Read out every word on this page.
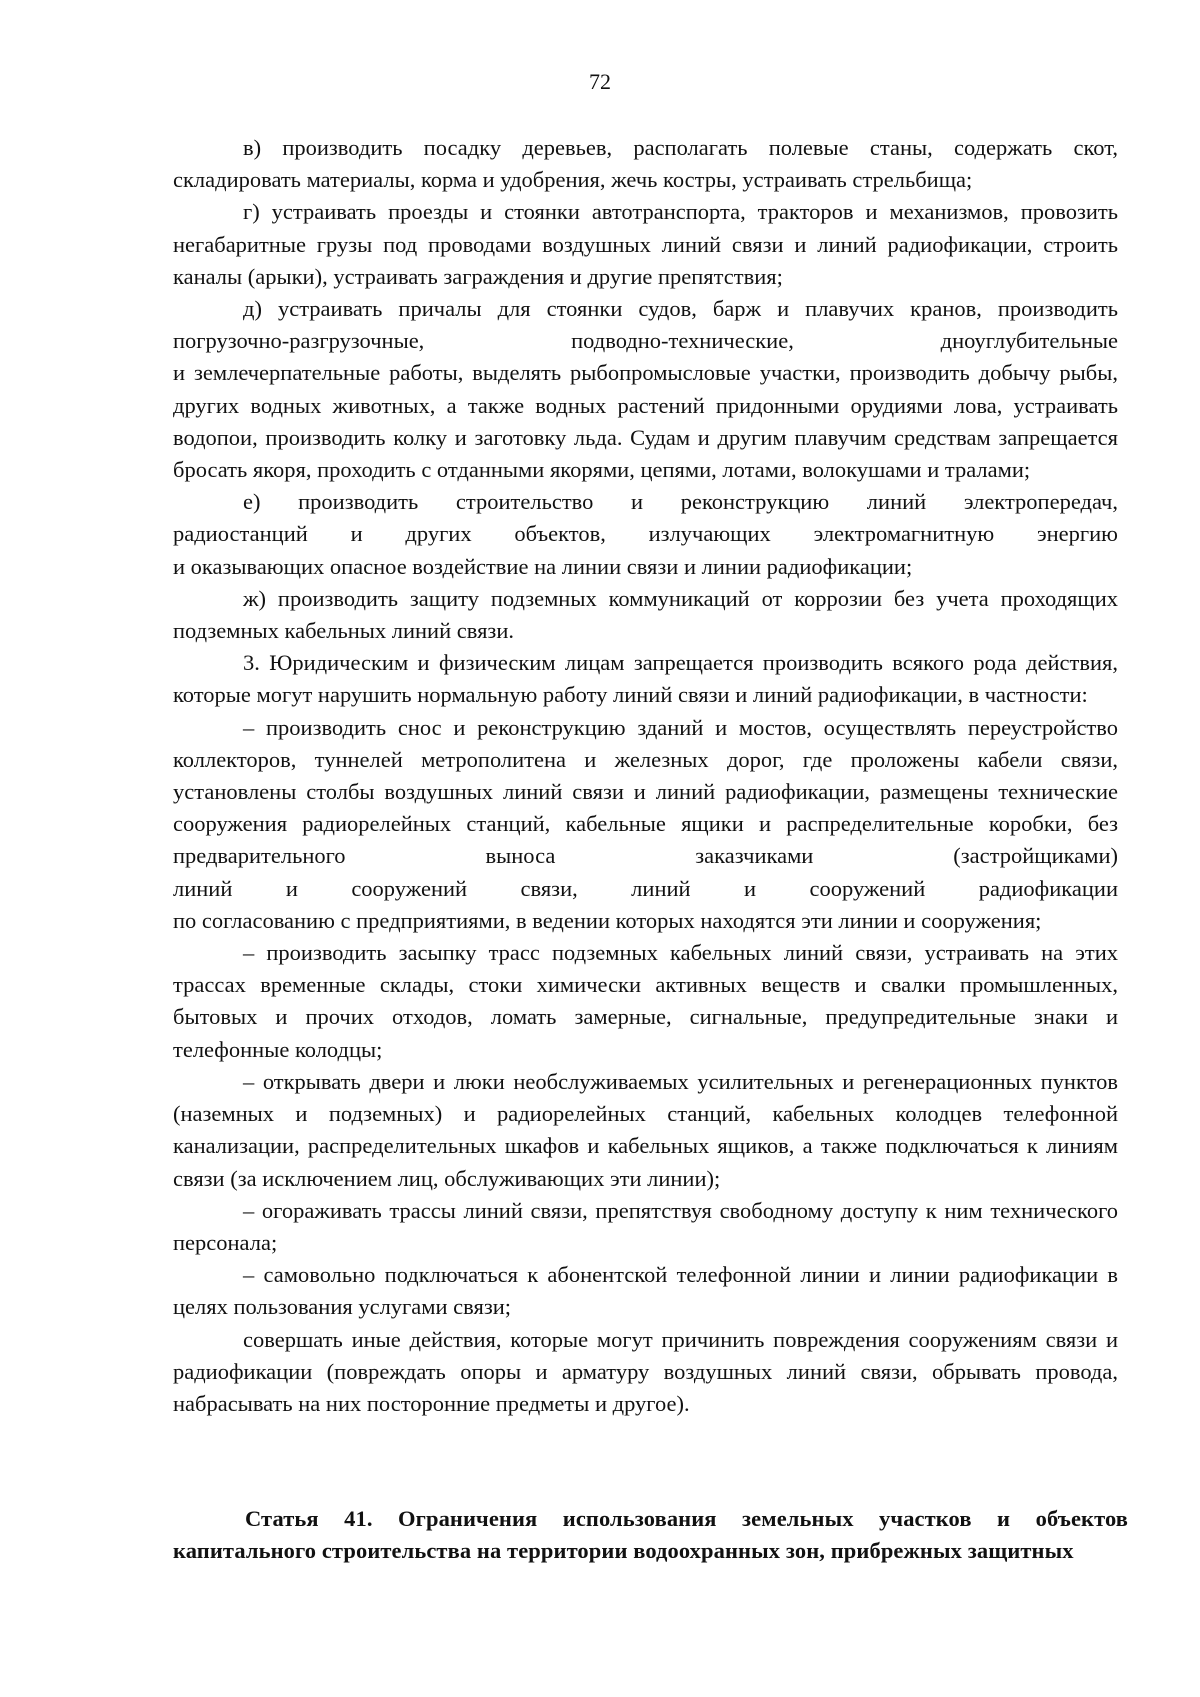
72

в) производить посадку деревьев, располагать полевые станы, содержать скот, складировать материалы, корма и удобрения, жечь костры, устраивать стрельбища;

г) устраивать проезды и стоянки автотранспорта, тракторов и механизмов, провозить негабаритные грузы под проводами воздушных линий связи и линий радиофикации, строить каналы (арыки), устраивать заграждения и другие препятствия;

д) устраивать причалы для стоянки судов, барж и плавучих кранов, производить

погрузочно-разгрузочные, подводно-технические, дноуглубительные

и землечерпательные работы, выделять рыбопромысловые участки, производить добычу рыбы, других водных животных, а также водных растений придонными орудиями лова, устраивать водопои, производить колку и заготовку льда. Судам и другим плавучим средствам запрещается бросать якоря, проходить с отданными якорями, цепями, лотами, волокушами и тралами;

е) производить строительство и реконструкцию линий электропередач,

радиостанций и других объектов, излучающих электромагнитную энергию

и оказывающих опасное воздействие на линии связи и линии радиофикации;

ж) производить защиту подземных коммуникаций от коррозии без учета проходящих подземных кабельных линий связи.

3. Юридическим и физическим лицам запрещается производить всякого рода действия, которые могут нарушить нормальную работу линий связи и линий радиофикации, в частности:

– производить снос и реконструкцию зданий и мостов, осуществлять переустройство коллекторов, туннелей метрополитена и железных дорог, где проложены кабели связи, установлены столбы воздушных линий связи и линий радиофикации, размещены технические сооружения радиорелейных станций, кабельные ящики и распределительные коробки, без предварительного выноса заказчиками (застройщиками)

линий и сооружений связи, линий и сооружений радиофикации

по согласованию с предприятиями, в ведении которых находятся эти линии и сооружения;

– производить засыпку трасс подземных кабельных линий связи, устраивать на этих трассах временные склады, стоки химически активных веществ и свалки промышленных, бытовых и прочих отходов, ломать замерные, сигнальные, предупредительные знаки и телефонные колодцы;

– открывать двери и люки необслуживаемых усилительных и регенерационных пунктов (наземных и подземных) и радиорелейных станций, кабельных колодцев телефонной канализации, распределительных шкафов и кабельных ящиков, а также подключаться к линиям связи (за исключением лиц, обслуживающих эти линии);

– огораживать трассы линий связи, препятствуя свободному доступу к ним технического персонала;

– самовольно подключаться к абонентской телефонной линии и линии радиофикации в целях пользования услугами связи;

совершать иные действия, которые могут причинить повреждения сооружениям связи и радиофикации (повреждать опоры и арматуру воздушных линий связи, обрывать провода, набрасывать на них посторонние предметы и другое).

Статья 41. Ограничения использования земельных участков и объектов капитального строительства на территории водоохранных зон, прибрежных защитных
